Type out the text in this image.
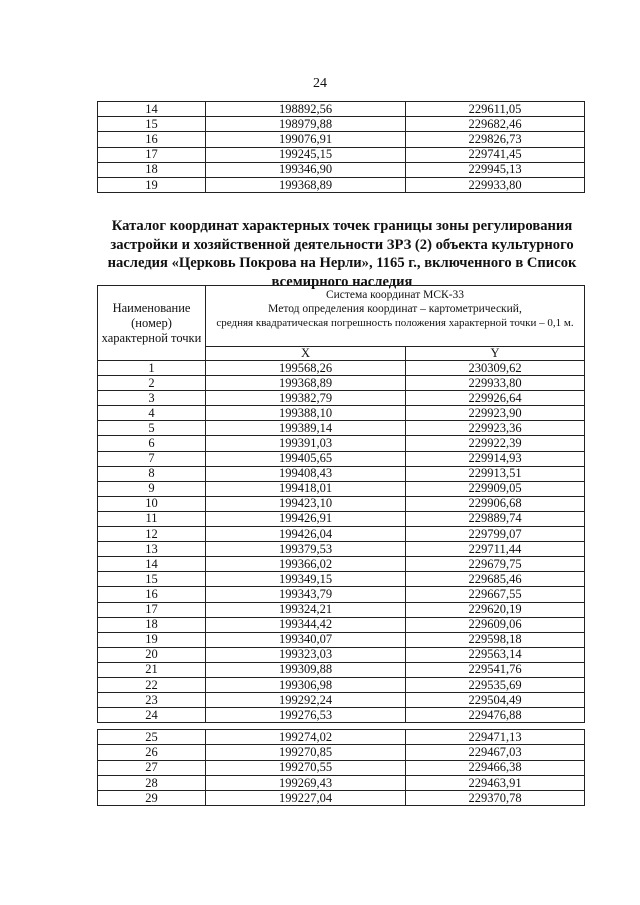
24
14	198892,56	229611,05
15	198979,88	229682,46
16	199076,91	229826,73
17	199245,15	229741,45
18	199346,90	229945,13
19	199368,89	229933,80
Каталог координат характерных точек границы зоны регулирования застройки и хозяйственной деятельности ЗРЗ (2) объекта культурного наследия «Церковь Покрова на Нерли», 1165 г., включенного в Список всемирного наследия
Наименование (номер) характерной точки	Система координат МСК-33
Метод определения координат – картометрический,
средняя квадратическая погрешность положения характерной точки – 0,1 м.	

	X	Y
1	199568,26	230309,62
2	199368,89	229933,80
3	199382,79	229926,64
4	199388,10	229923,90
5	199389,14	229923,36
6	199391,03	229922,39
7	199405,65	229914,93
8	199408,43	229913,51
9	199418,01	229909,05
10	199423,10	229906,68
11	199426,91	229889,74
12	199426,04	229799,07
13	199379,53	229711,44
14	199366,02	229679,75
15	199349,15	229685,46
16	199343,79	229667,55
17	199324,21	229620,19
18	199344,42	229609,06
19	199340,07	229598,18
20	199323,03	229563,14
21	199309,88	229541,76
22	199306,98	229535,69
23	199292,24	229504,49
24	199276,53	229476,88
25	199274,02	229471,13
26	199270,85	229467,03
27	199270,55	229466,38
28	199269,43	229463,91
29	199227,04	229370,78
